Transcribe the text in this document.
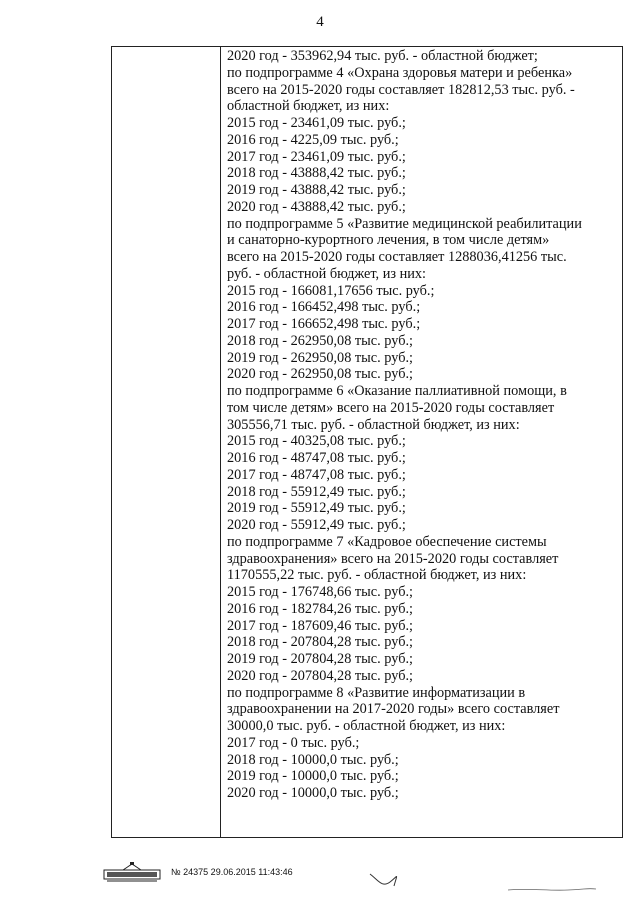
4
2020 год - 353962,94 тыс. руб. - областной бюджет;
по подпрограмме 4 «Охрана здоровья матери и ребенка»
всего на 2015-2020 годы составляет 182812,53 тыс. руб. -
областной бюджет, из них:
2015 год - 23461,09 тыс. руб.;
2016 год - 4225,09 тыс. руб.;
2017 год - 23461,09 тыс. руб.;
2018 год - 43888,42 тыс. руб.;
2019 год - 43888,42 тыс. руб.;
2020 год - 43888,42 тыс. руб.;
по подпрограмме 5 «Развитие медицинской реабилитации
и санаторно-курортного лечения, в том числе детям»
всего на 2015-2020 годы составляет 1288036,41256 тыс.
руб. - областной бюджет, из них:
2015 год - 166081,17656 тыс. руб.;
2016 год - 166452,498 тыс. руб.;
2017 год - 166652,498 тыс. руб.;
2018 год - 262950,08 тыс. руб.;
2019 год - 262950,08 тыс. руб.;
2020 год - 262950,08 тыс. руб.;
по подпрограмме 6 «Оказание паллиативной помощи, в
том числе детям» всего на 2015-2020 годы составляет
305556,71 тыс. руб. - областной бюджет, из них:
2015 год - 40325,08 тыс. руб.;
2016 год - 48747,08 тыс. руб.;
2017 год - 48747,08 тыс. руб.;
2018 год - 55912,49 тыс. руб.;
2019 год - 55912,49 тыс. руб.;
2020 год - 55912,49 тыс. руб.;
по подпрограмме 7 «Кадровое обеспечение системы
здравоохранения» всего на 2015-2020 годы составляет
1170555,22 тыс. руб. - областной бюджет, из них:
2015 год - 176748,66 тыс. руб.;
2016 год - 182784,26 тыс. руб.;
2017 год - 187609,46 тыс. руб.;
2018 год - 207804,28 тыс. руб.;
2019 год - 207804,28 тыс. руб.;
2020 год - 207804,28 тыс. руб.;
по подпрограмме 8 «Развитие информатизации в
здравоохранении на 2017-2020 годы» всего составляет
30000,0 тыс. руб. - областной бюджет, из них:
2017 год - 0 тыс. руб.;
2018 год - 10000,0 тыс. руб.;
2019 год - 10000,0 тыс. руб.;
2020 год - 10000,0 тыс. руб.;
№ 24375 29.06.2015 11:43:46
